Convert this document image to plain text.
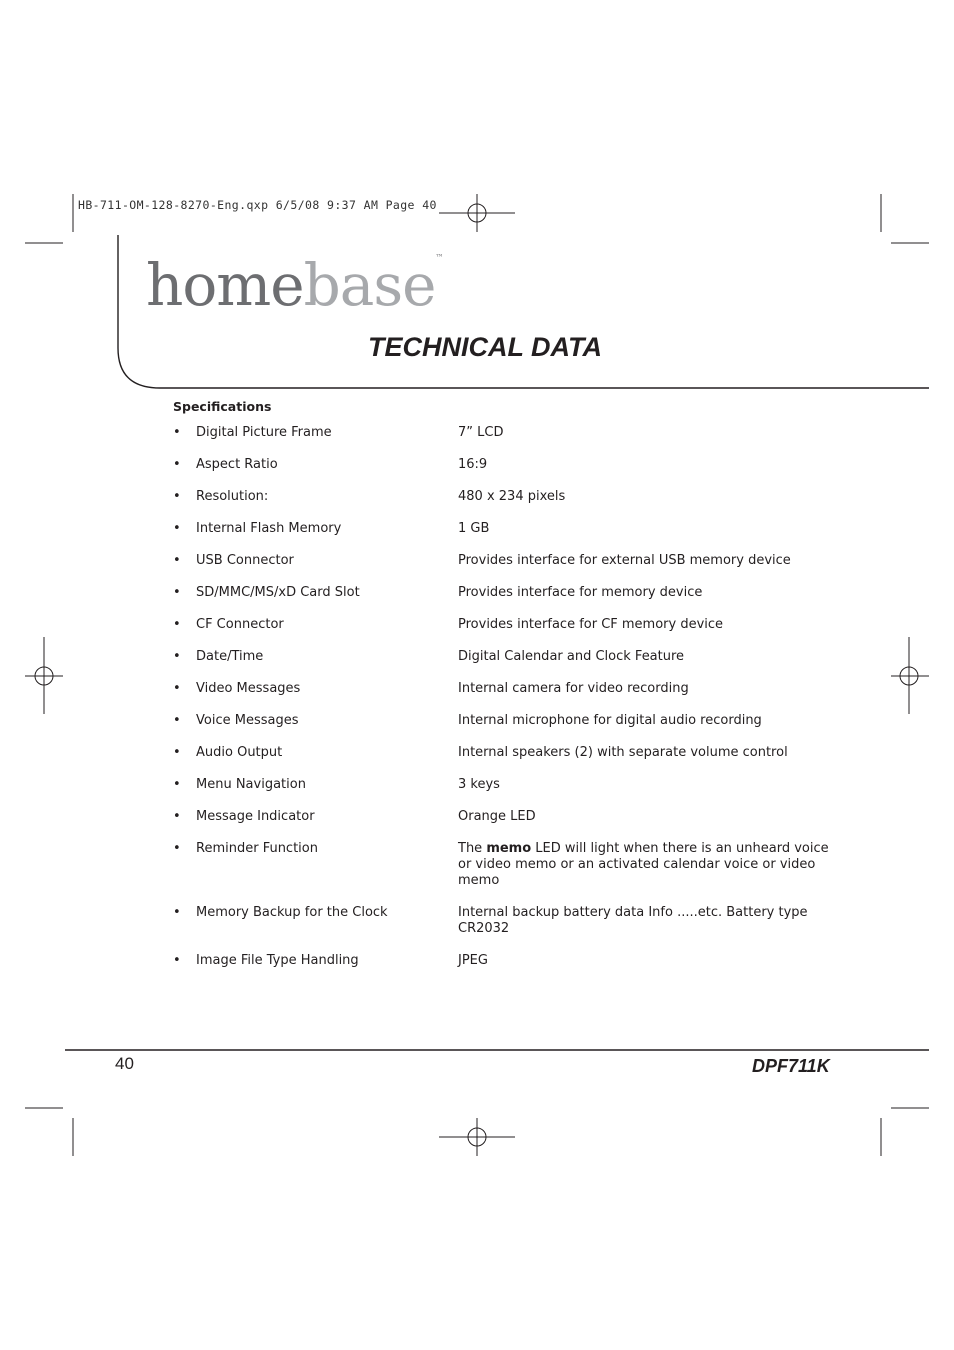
HB-711-OM-128-8270-Eng.qxp 6/5/08 9:37 AM Page 40
homebase™
TECHNICAL DATA
Specifications
• Digital Picture Frame	7” LCD
• Aspect Ratio	16:9
• Resolution:	480 x 234 pixels
• Internal Flash Memory	1 GB
• USB Connector	Provides interface for external USB memory device
• SD/MMC/MS/xD Card Slot	Provides interface for memory device
• CF Connector	Provides interface for CF memory device
• Date/Time	Digital Calendar and Clock Feature
• Video Messages	Internal camera for video recording
• Voice Messages	Internal microphone for digital audio recording
• Audio Output	Internal speakers (2) with separate volume control
• Menu Navigation	3 keys
• Message Indicator	Orange LED
• Reminder Function	The memo LED will light when there is an unheard voice or video memo or an activated calendar voice or video memo
• Memory Backup for the Clock	Internal backup battery data Info .....etc. Battery type CR2032
• Image File Type Handling	JPEG
40	DPF711K
